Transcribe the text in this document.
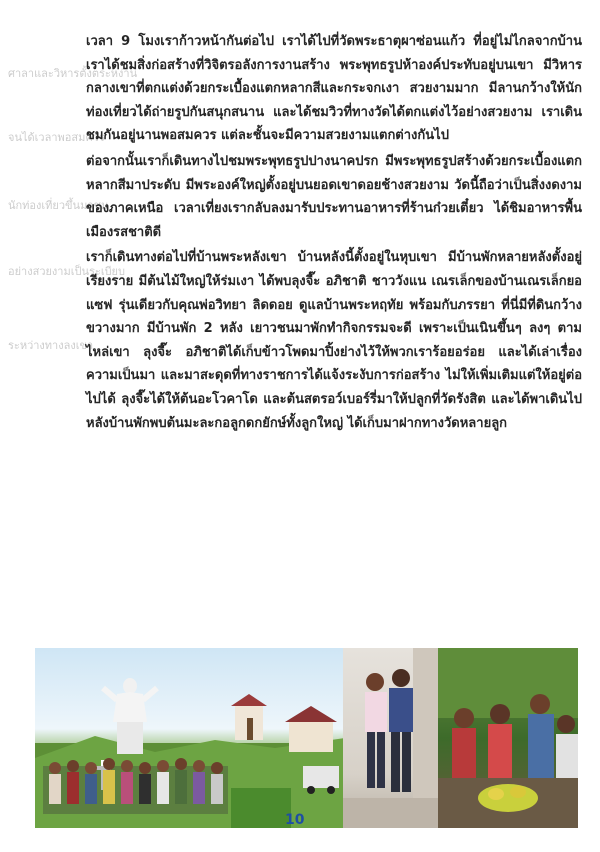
ศาลาและวิหารตั้งตระหง่าน
จนได้เวลาพอสมควร
นักท่องเที่ยวขึ้นมาชม
อย่างสวยงามเป็นระเบียบ
ระหว่างทางลงเขา

เวลา 9 โมงเราก้าวหน้ากันต่อไป เราได้ไปที่วัดพระธาตุผาซ่อนแก้ว ที่อยู่ไม่ไกลจากบ้าน เราได้ชมสิ่งก่อสร้างที่วิจิตรอลังการงานสร้าง พระพุทธรูปห้าองค์ประทับอยู่บนเขา มีวิหารกลางเขาที่ตกแต่งด้วยกระเบื้องแตกหลากสีและกระจกเงา สวยงามมาก มีลานกว้างให้นักท่องเที่ยวได้ถ่ายรูปกันสนุกสนาน และได้ชมวิวที่ทางวัดได้ตกแต่งไว้อย่างสวยงาม เราเดินชมกันอยู่นานพอสมควร แต่ละชั้นจะมีความสวยงามแตกต่างกันไป

ต่อจากนั้นเราก็เดินทางไปชมพระพุทธรูปปางนาคปรก มีพระพุทธรูปสร้างด้วยกระเบื้องแตกหลากสีมาประดับ มีพระองค์ใหญ่ตั้งอยู่บนยอดเขาดอยช้างสวยงาม วัดนี้ถือว่าเป็นสิ่งงดงามของภาคเหนือ เวลาเที่ยงเรากลับลงมารับประทานอาหารที่ร้านก๋วยเตี๋ยว ได้ชิมอาหารพื้นเมืองรสชาติดี

เราก็เดินทางต่อไปที่บ้านพระหลังเขา บ้านหลังนี้ตั้งอยู่ในหุบเขา มีบ้านพักหลายหลังตั้งอยู่เรียงราย มีต้นไม้ใหญ่ให้ร่มเงา ได้พบลุงจี๊ะ อภิชาติ ชาววังแน เณรเล็กของบ้านเณรเล็กยอแซฟ รุ่นเดียวกับคุณพ่อวิทยา ลิดดอย ดูแลบ้านพระหฤทัย พร้อมกับภรรยา ที่นี่มีที่ดินกว้างขวางมาก มีบ้านพัก 2 หลัง เยาวชนมาพักทำกิจกรรมจะดี เพราะเป็นเนินขึ้นๆ ลงๆ ตามไหล่เขา ลุงจี๊ะ อภิชาติได้เก็บข้าวโพดมาปิ้งย่างไว้ให้พวกเราร้อยอร่อย และได้เล่าเรื่องความเป็นมา และมาสะดุดที่ทางราชการได้แจ้งระงับการก่อสร้าง ไม่ให้เพิ่มเติมแต่ให้อยู่ต่อไปได้ ลุงจี๊ะได้ให้ต้นอะโวคาโด และต้นสตรอว์เบอร์รี่มาให้ปลูกที่วัดรังสิต และได้พาเดินไปหลังบ้านพักพบต้นมะละกอลูกดกยักษ์ทั้งลูกใหญ่ ได้เก็บมาฝากทางวัดหลายลูก

10
